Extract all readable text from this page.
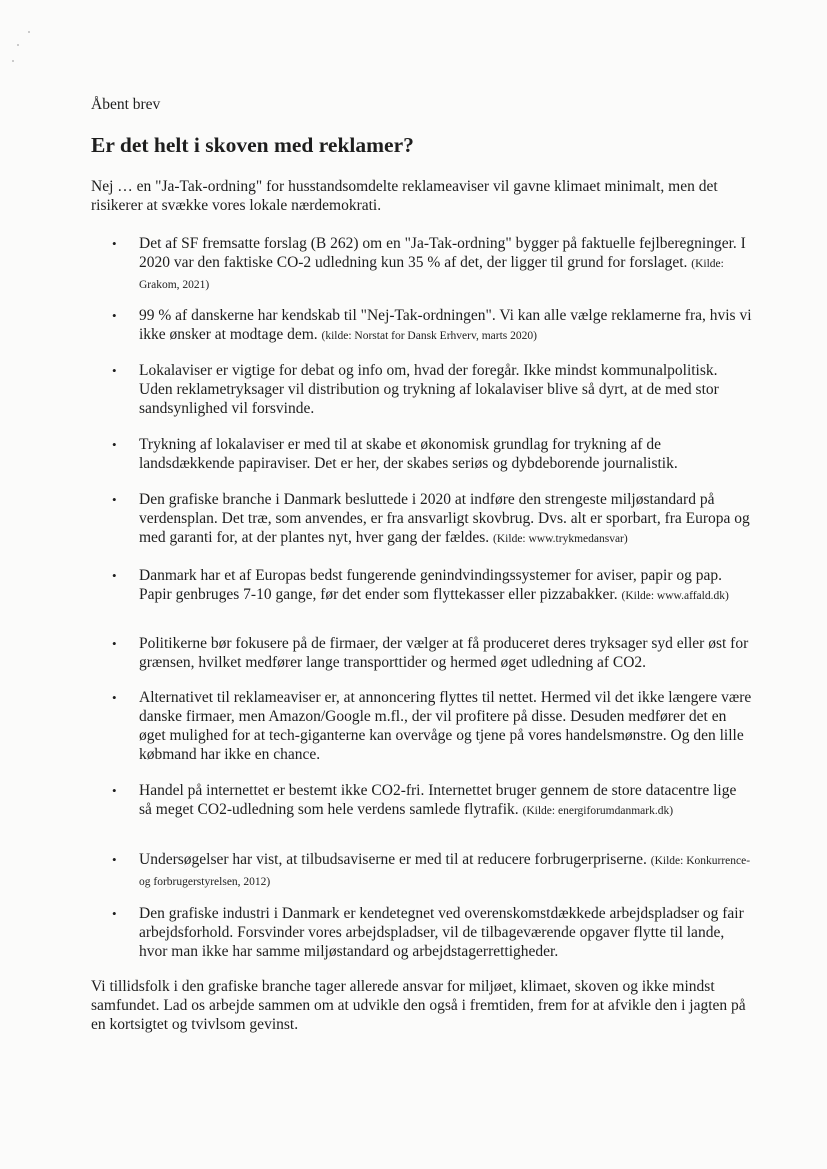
Åbent brev
Er det helt i skoven med reklamer?

Nej … en "Ja-Tak-ordning" for husstandsomdelte reklameaviser vil gavne klimaet minimalt, men det risikerer at svække vores lokale nærdemokrati.

•	Det af SF fremsatte forslag (B 262) om en "Ja-Tak-ordning" bygger på faktuelle fejlberegninger. I 2020 var den faktiske CO-2 udledning kun 35 % af det, der ligger til grund for forslaget. (Kilde: Grakom, 2021)
•	99 % af danskerne har kendskab til "Nej-Tak-ordningen". Vi kan alle vælge reklamerne fra, hvis vi ikke ønsker at modtage dem. (kilde: Norstat for Dansk Erhverv, marts 2020)
•	Lokalaviser er vigtige for debat og info om, hvad der foregår. Ikke mindst kommunalpolitisk. Uden reklametryksager vil distribution og trykning af lokalaviser blive så dyrt, at de med stor sandsynlighed vil forsvinde.
•	Trykning af lokalaviser er med til at skabe et økonomisk grundlag for trykning af de landsdækkende papiraviser. Det er her, der skabes seriøs og dybdeborende journalistik.
•	Den grafiske branche i Danmark besluttede i 2020 at indføre den strengeste miljøstandard på verdensplan. Det træ, som anvendes, er fra ansvarligt skovbrug. Dvs. alt er sporbart, fra Europa og med garanti for, at der plantes nyt, hver gang der fældes. (Kilde: www.trykmedansvar)
•	Danmark har et af Europas bedst fungerende genindvindingssystemer for aviser, papir og pap. Papir genbruges 7-10 gange, før det ender som flyttekasser eller pizzabakker. (Kilde: www.affald.dk)
•	Politikerne bør fokusere på de firmaer, der vælger at få produceret deres tryksager syd eller øst for grænsen, hvilket medfører lange transporttider og hermed øget udledning af CO2.
•	Alternativet til reklameaviser er, at annoncering flyttes til nettet. Hermed vil det ikke længere være danske firmaer, men Amazon/Google m.fl., der vil profitere på disse. Desuden medfører det en øget mulighed for at tech-giganterne kan overvåge og tjene på vores handelsmønstre. Og den lille købmand har ikke en chance.
•	Handel på internettet er bestemt ikke CO2-fri. Internettet bruger gennem de store datacentre lige så meget CO2-udledning som hele verdens samlede flytrafik. (Kilde: energiforumdanmark.dk)
•	Undersøgelser har vist, at tilbudsaviserne er med til at reducere forbrugerpriserne. (Kilde: Konkurrence- og forbrugerstyrelsen, 2012)
•	Den grafiske industri i Danmark er kendetegnet ved overenskomstdækkede arbejdspladser og fair arbejdsforhold. Forsvinder vores arbejdspladser, vil de tilbageværende opgaver flytte til lande, hvor man ikke har samme miljøstandard og arbejdstagerrettigheder.

Vi tillidsfolk i den grafiske branche tager allerede ansvar for miljøet, klimaet, skoven og ikke mindst samfundet. Lad os arbejde sammen om at udvikle den også i fremtiden, frem for at afvikle den i jagten på en kortsigtet og tvivlsom gevinst.
